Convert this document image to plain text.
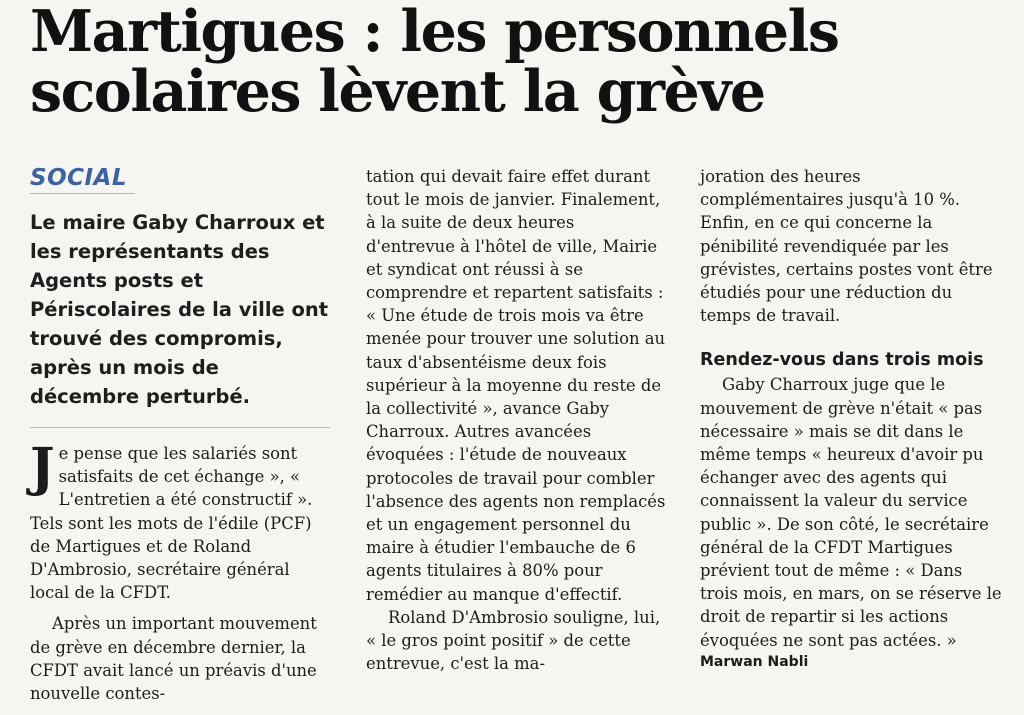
Martigues : les personnels scolaires lèvent la grève
SOCIAL
Le maire Gaby Charroux et les représentants des Agents posts et Périscolaires de la ville ont trouvé des compromis, après un mois de décembre perturbé.

Je pense que les salariés sont satisfaits de cet échange », « L'entretien a été constructif ». Tels sont les mots de l'édile (PCF) de Martigues et de Roland D'Ambrosio, secrétaire général local de la CFDT.

Après un important mouvement de grève en décembre dernier, la CFDT avait lancé un préavis d'une nouvelle contes-

tation qui devait faire effet durant tout le mois de janvier. Finalement, à la suite de deux heures d'entrevue à l'hôtel de ville, Mairie et syndicat ont réussi à se comprendre et repartent satisfaits : « Une étude de trois mois va être menée pour trouver une solution au taux d'absentéisme deux fois supérieur à la moyenne du reste de la collectivité », avance Gaby Charroux. Autres avancées évoquées : l'étude de nouveaux protocoles de travail pour combler l'absence des agents non remplacés et un engagement personnel du maire à étudier l'embauche de 6 agents titulaires à 80% pour remédier au manque d'effectif.

Roland D'Ambrosio souligne, lui, « le gros point positif » de cette entrevue, c'est la ma-

joration des heures complémentaires jusqu'à 10 %. Enfin, en ce qui concerne la pénibilité revendiquée par les grévistes, certains postes vont être étudiés pour une réduction du temps de travail.

Rendez-vous dans trois mois

Gaby Charroux juge que le mouvement de grève n'était « pas nécessaire » mais se dit dans le même temps « heureux d'avoir pu échanger avec des agents qui connaissent la valeur du service public ». De son côté, le secrétaire général de la CFDT Martigues prévient tout de même : « Dans trois mois, en mars, on se réserve le droit de repartir si les actions évoquées ne sont pas actées. »

Marwan Nabli
